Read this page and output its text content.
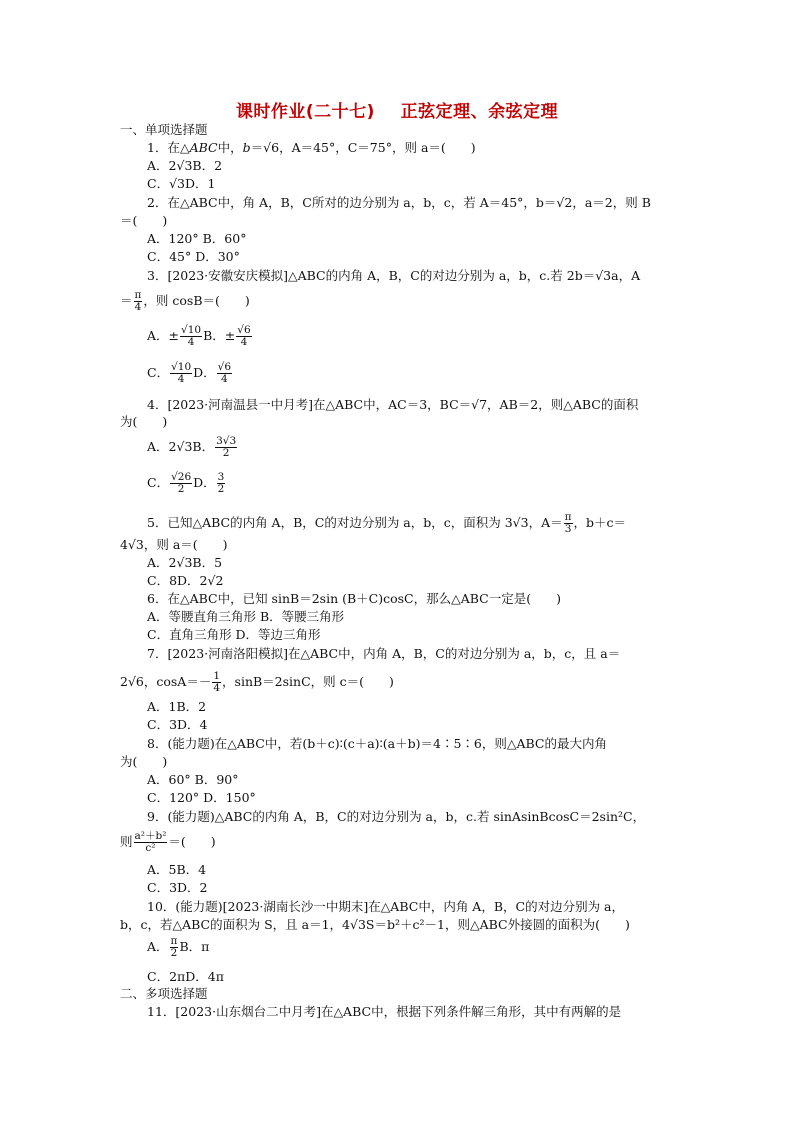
课时作业(二十七) 正弦定理、余弦定理
一、单项选择题
1．在△ABC中，b＝√6，A＝45°，C＝75°，则 a＝(　　)
A．2√3B．2
C．√3D．1
2．在△ABC中，角 A，B，C所对的边分别为 a，b，c，若 A＝45°，b＝√2，a＝2，则 B
＝(　　)
A．120° B．60°
C．45° D．30°
3．[2023·安徽安庆模拟]△ABC的内角 A，B，C的对边分别为 a，b，c.若 2b＝√3a，A
＝ $\frac{\pi}{4}$ ，则 cosB＝(　　)
A．± $\frac{√10}{4}$ B．± $\frac{√6}{4}$
C． $\frac{√10}{4}$ D． $\frac{√6}{4}$
4．[2023·河南温县一中月考]在△ABC中，AC＝3，BC＝√7，AB＝2，则△ABC的面积
为(　　)
A．2√3B． $\frac{3√3}{2}$
C． $\frac{√26}{2}$ D． $\frac{3}{2}$
5．已知△ABC的内角 A，B，C的对边分别为 a，b，c，面积为 3√3，$A= \frac{\pi}{3}$ ，b＋c＝
4√3，则 a＝(　　)
A．2√3B．5
C．8D．2√2
6．在△ABC中，已知 sinB＝2sin (B＋C)cosC，那么△ABC一定是(　　)
A．等腰直角三角形 B．等腰三角形
C．直角三角形 D．等边三角形
7．[2023·河南洛阳模拟]在△ABC中，内角 A，B，C的对边分别为 a，b，c，且 a＝
2√6，$\cos A=- \frac{1}{4}$ ，sinB＝2sinC，则 c＝(　　)
A．1B．2
C．3D．4
8．(能力题)在△ABC中，若(b＋c)∶(c＋a)∶(a＋b)＝4∶5∶6，则△ABC的最大内角
为(　　)
A．60° B．90°
C．120° D．150°
9．(能力题)△ABC的内角 A，B，C的对边分别为 a，b，c.若 sinAsinBcosC＝2sin²C，
则 $\frac{\text{a²＋b²}}{\text{c²}}$ ＝(　　)
A．5B．4
C．3D．2
10．(能力题)[2023·湖南长沙一中期末]在△ABC中，内角 A，B，C的对边分别为 a，
b，c，若△ABC的面积为 S，且 a＝1，4√3S＝b²＋c²－1，则△ABC外接圆的面积为(　　)
A． $\frac{\pi}{2}$ B．π
C．2πD．4π
二、多项选择题
11．[2023·山东烟台二中月考]在△ABC中，根据下列条件解三角形，其中有两解的是
